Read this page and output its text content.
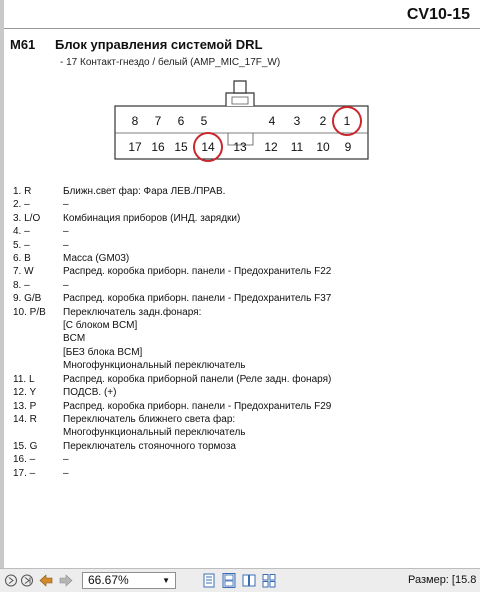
CV10-15
M61 Блок управления системой DRL
- 17 Контакт-гнездо / белый (AMP_MIC_17F_W)
8	7	6	5	4	3	2	1
17 16 15	14	13	12	11	10	9
1. R	Ближн.свет фар: Фара ЛЕВ./ПРАВ.
2. –	–
3. L/O	Комбинация приборов (ИНД. зарядки)
4. –	–
5. –	–
6. B	Масса (GM03)
7. W	Распред. коробка приборн. панели - Предохранитель F22
8. –	–
9. G/B	Распред. коробка приборн. панели - Предохранитель F37
10. P/B	Переключатель задн.фонаря:
[С блоком BCM]
BCM
[БЕЗ блока BCM]
Многофункциональный переключатель
11. L	Распред. коробка приборной панели (Реле задн. фонаря)
12. Y	ПОДСВ. (+)
13. P	Распред. коробка приборн. панели - Предохранитель F29
14. R	Переключатель ближнего света фар:
Многофункциональный переключатель
15. G	Переключатель стояночного тормоза
16. –	–
17. –	–
66.67%	▼	Размер: [15.8
